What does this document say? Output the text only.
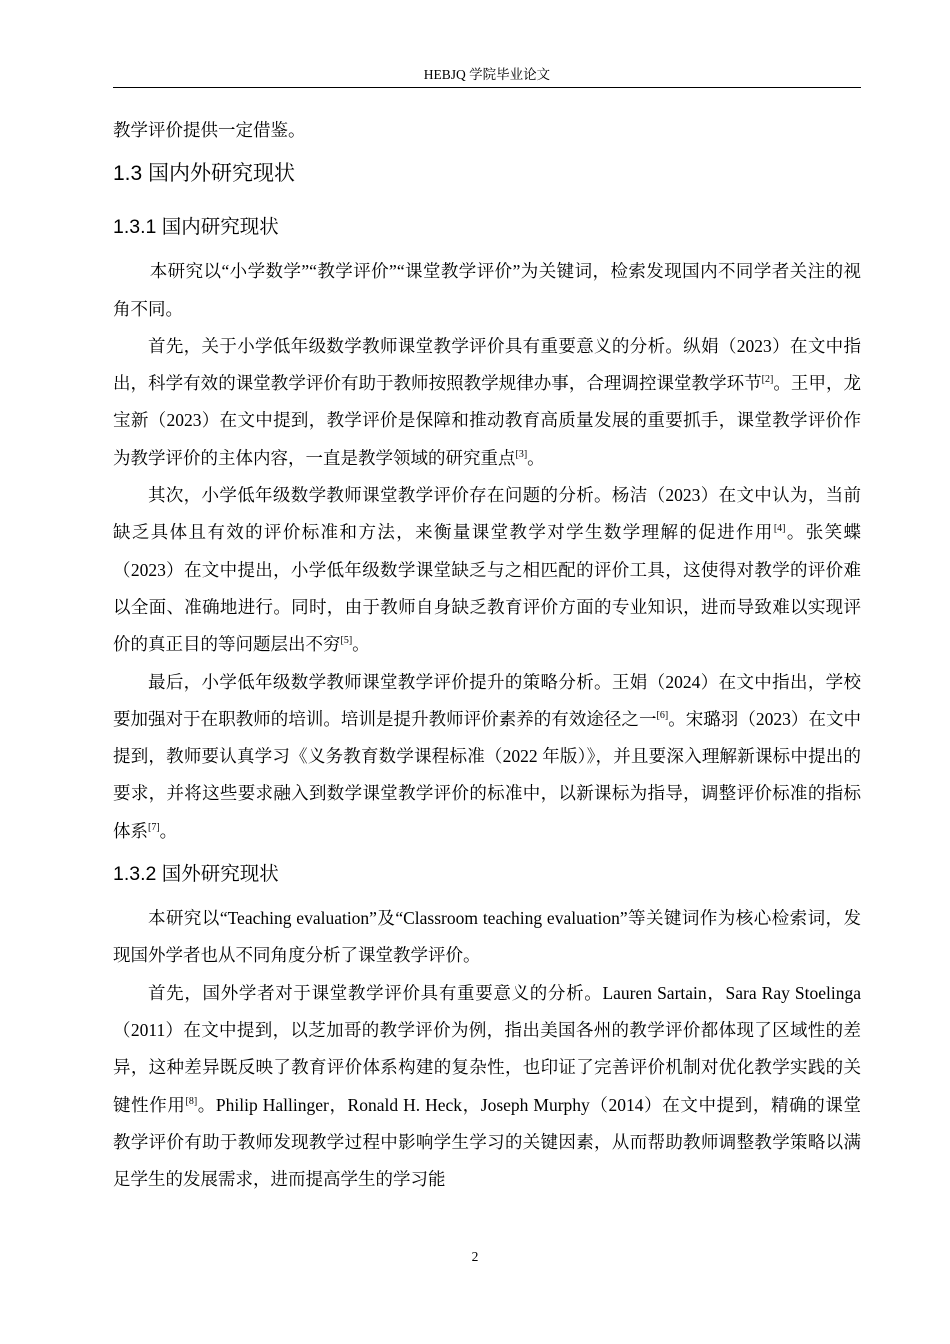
HEBJQ 学院毕业论文

教学评价提供一定借鉴。

1.3 国内外研究现状
1.3.1 国内研究现状

本研究以“小学数学”“教学评价”“课堂教学评价”为关键词，检索发现国内不同学者关注的视角不同。

首先，关于小学低年级数学教师课堂教学评价具有重要意义的分析。纵娟（2023）在文中指出，科学有效的课堂教学评价有助于教师按照教学规律办事，合理调控课堂教学环节[2]。王甲，龙宝新（2023）在文中提到，教学评价是保障和推动教育高质量发展的重要抓手，课堂教学评价作为教学评价的主体内容，一直是教学领域的研究重点[3]。

其次，小学低年级数学教师课堂教学评价存在问题的分析。杨洁（2023）在文中认为，当前缺乏具体且有效的评价标准和方法，来衡量课堂教学对学生数学理解的促进作用[4]。张笑蝶（2023）在文中提出，小学低年级数学课堂缺乏与之相匹配的评价工具，这使得对教学的评价难以全面、准确地进行。同时，由于教师自身缺乏教育评价方面的专业知识，进而导致难以实现评价的真正目的等问题层出不穷[5]。

最后，小学低年级数学教师课堂教学评价提升的策略分析。王娟（2024）在文中指出，学校要加强对于在职教师的培训。培训是提升教师评价素养的有效途径之一[6]。宋璐羽（2023）在文中提到，教师要认真学习《义务教育数学课程标准（2022 年版）》，并且要深入理解新课标中提出的要求，并将这些要求融入到数学课堂教学评价的标准中，以新课标为指导，调整评价标准的指标体系[7]。

1.3.2 国外研究现状

本研究以“Teaching evaluation”及“Classroom teaching evaluation”等关键词作为核心检索词，发现国外学者也从不同角度分析了课堂教学评价。

首先，国外学者对于课堂教学评价具有重要意义的分析。Lauren Sartain，Sara Ray Stoelinga（2011）在文中提到，以芝加哥的教学评价为例，指出美国各州的教学评价都体现了区域性的差异，这种差异既反映了教育评价体系构建的复杂性，也印证了完善评价机制对优化教学实践的关键性作用[8]。Philip Hallinger，Ronald H. Heck，Joseph Murphy（2014）在文中提到，精确的课堂教学评价有助于教师发现教学过程中影响学生学习的关键因素，从而帮助教师调整教学策略以满足学生的发展需求，进而提高学生的学习能

2
